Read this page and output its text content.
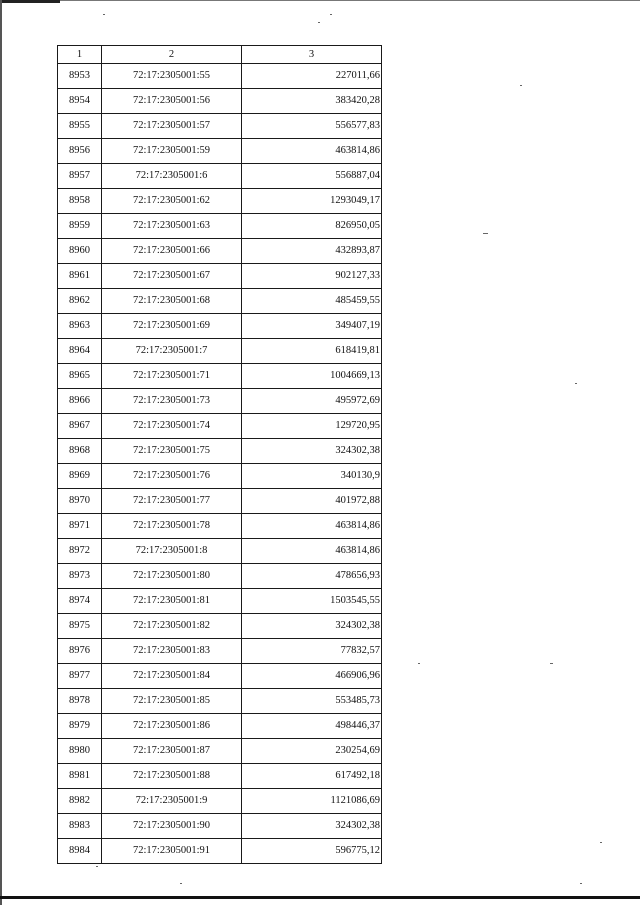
1	2	3
8953	72:17:2305001:55	227011,66
8954	72:17:2305001:56	383420,28
8955	72:17:2305001:57	556577,83
8956	72:17:2305001:59	463814,86
8957	72:17:2305001:6	556887,04
8958	72:17:2305001:62	1293049,17
8959	72:17:2305001:63	826950,05
8960	72:17:2305001:66	432893,87
8961	72:17:2305001:67	902127,33
8962	72:17:2305001:68	485459,55
8963	72:17:2305001:69	349407,19
8964	72:17:2305001:7	618419,81
8965	72:17:2305001:71	1004669,13
8966	72:17:2305001:73	495972,69
8967	72:17:2305001:74	129720,95
8968	72:17:2305001:75	324302,38
8969	72:17:2305001:76	340130,9
8970	72:17:2305001:77	401972,88
8971	72:17:2305001:78	463814,86
8972	72:17:2305001:8	463814,86
8973	72:17:2305001:80	478656,93
8974	72:17:2305001:81	1503545,55
8975	72:17:2305001:82	324302,38
8976	72:17:2305001:83	77832,57
8977	72:17:2305001:84	466906,96
8978	72:17:2305001:85	553485,73
8979	72:17:2305001:86	498446,37
8980	72:17:2305001:87	230254,69
8981	72:17:2305001:88	617492,18
8982	72:17:2305001:9	1121086,69
8983	72:17:2305001:90	324302,38
8984	72:17:2305001:91	596775,12
